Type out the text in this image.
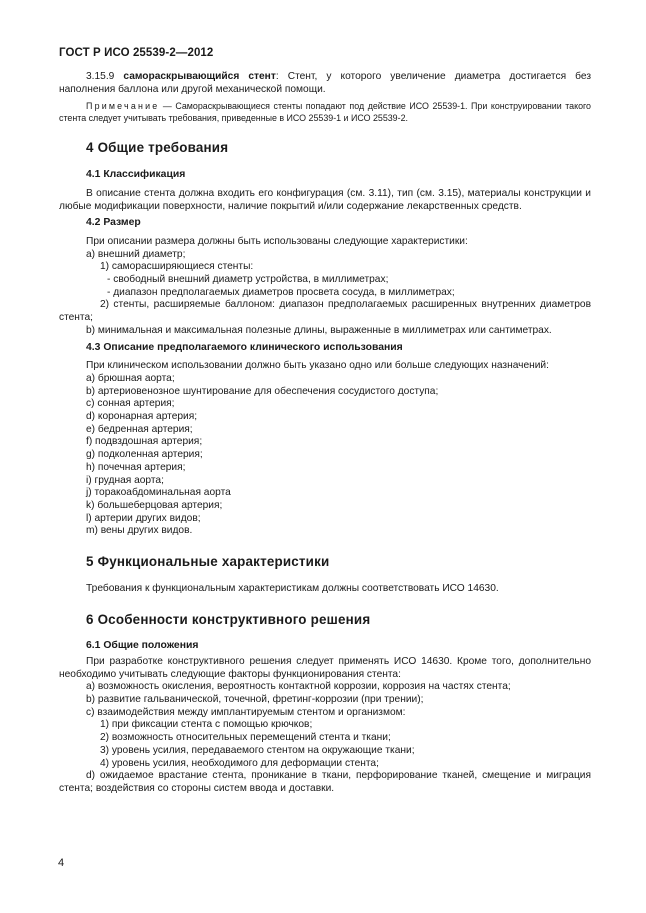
ГОСТ Р ИСО 25539-2—2012

3.15.9 самораскрывающийся стент: Стент, у которого увеличение диаметра достигается без наполнения баллона или другой механической помощи.

Примечание — Самораскрывающиеся стенты попадают под действие ИСО 25539-1. При конструировании такого стента следует учитывать требования, приведенные в ИСО 25539-1 и ИСО 25539-2.

4 Общие требования

4.1 Классификация

В описание стента должна входить его конфигурация (см. 3.11), тип (см. 3.15), материалы конструкции и любые модификации поверхности, наличие покрытий и/или содержание лекарственных средств.

4.2 Размер

При описании размера должны быть использованы следующие характеристики:

a) внешний диаметр;

1) саморасширяющиеся стенты:

- свободный внешний диаметр устройства, в миллиметрах;

- диапазон предполагаемых диаметров просвета сосуда, в миллиметрах;

2) стенты, расширяемые баллоном: диапазон предполагаемых расширенных внутренних диаметров стента;

b) минимальная и максимальная полезные длины, выраженные в миллиметрах или сантиметрах.

4.3 Описание предполагаемого клинического использования

При клиническом использовании должно быть указано одно или больше следующих назначений:

a) брюшная аорта;

b) артериовенозное шунтирование для обеспечения сосудистого доступа;

c) сонная артерия;

d) коронарная артерия;

e) бедренная артерия;

f) подвздошная артерия;

g) подколенная артерия;

h) почечная артерия;

i) грудная аорта;

j) торакоабдоминальная аорта

k) большеберцовая артерия;

l) артерии других видов;

m) вены других видов.

5 Функциональные характеристики

Требования к функциональным характеристикам должны соответствовать ИСО 14630.

6 Особенности конструктивного решения

6.1 Общие положения

При разработке конструктивного решения следует применять ИСО 14630. Кроме того, дополнительно необходимо учитывать следующие факторы функционирования стента:

a) возможность окисления, вероятность контактной коррозии, коррозия на частях стента;

b) развитие гальванической, точечной, фретинг-коррозии (при трении);

c) взаимодействия между имплантируемым стентом и организмом:

1) при фиксации стента с помощью крючков;

2) возможность относительных перемещений стента и ткани;

3) уровень усилия, передаваемого стентом на окружающие ткани;

4) уровень усилия, необходимого для деформации стента;

d) ожидаемое врастание стента, проникание в ткани, перфорирование тканей, смещение и миграция стента; воздействия со стороны систем ввода и доставки.

4
